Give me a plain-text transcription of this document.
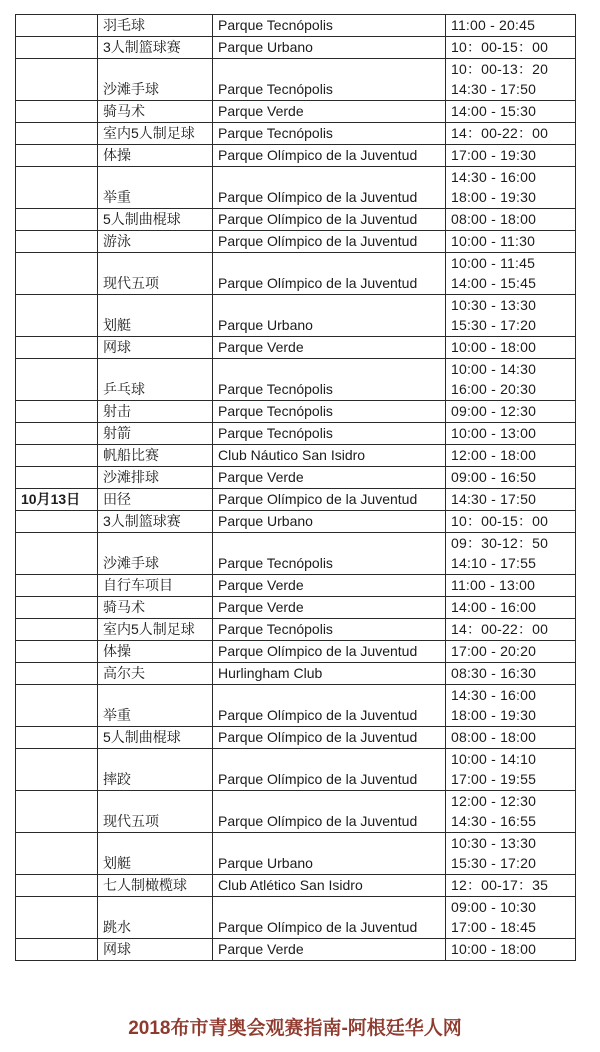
	羽毛球	Parque Tecnópolis	11:00 - 20:45

	3人制篮球赛	Parque Urbano	10：00-15：00

	沙滩手球	Parque Tecnópolis	10：00-13：20
14:30 - 17:50

	骑马术	Parque Verde	14:00 - 15:30

	室内5人制足球	Parque Tecnópolis	14：00-22：00

	体操	Parque Olímpico de la Juventud	17:00 - 19:30

	举重	Parque Olímpico de la Juventud	14:30 - 16:00
18:00 - 19:30

	5人制曲棍球	Parque Olímpico de la Juventud	08:00 - 18:00

	游泳	Parque Olímpico de la Juventud	10:00 - 11:30

	现代五项	Parque Olímpico de la Juventud	10:00 - 11:45
14:00 - 15:45

	划艇	Parque Urbano	10:30 - 13:30
15:30 - 17:20

	网球	Parque Verde	10:00 - 18:00

	乒乓球	Parque Tecnópolis	10:00 - 14:30
16:00 - 20:30

	射击	Parque Tecnópolis	09:00 - 12:30

	射箭	Parque Tecnópolis	10:00 - 13:00

	帆船比赛	Club Náutico San Isidro	12:00 - 18:00

	沙滩排球	Parque Verde	09:00 - 16:50

10月13日	田径	Parque Olímpico de la Juventud	14:30 - 17:50

	3人制篮球赛	Parque Urbano	10：00-15：00

	沙滩手球	Parque Tecnópolis	09：30-12：50
14:10 - 17:55

	自行车项目	Parque Verde	11:00 - 13:00

	骑马术	Parque Verde	14:00 - 16:00

	室内5人制足球	Parque Tecnópolis	14：00-22：00

	体操	Parque Olímpico de la Juventud	17:00 - 20:20

	高尔夫	Hurlingham Club	08:30 - 16:30

	举重	Parque Olímpico de la Juventud	14:30 - 16:00
18:00 - 19:30

	5人制曲棍球	Parque Olímpico de la Juventud	08:00 - 18:00

	摔跤	Parque Olímpico de la Juventud	10:00 - 14:10
17:00 - 19:55

	现代五项	Parque Olímpico de la Juventud	12:00 - 12:30
14:30 - 16:55

	划艇	Parque Urbano	10:30 - 13:30
15:30 - 17:20

	七人制橄榄球	Club Atlético San Isidro	12：00-17：35

	跳水	Parque Olímpico de la Juventud	09:00 - 10:30
17:00 - 18:45

	网球	Parque Verde	10:00 - 18:00
2018布市青奥会观赛指南-阿根廷华人网
